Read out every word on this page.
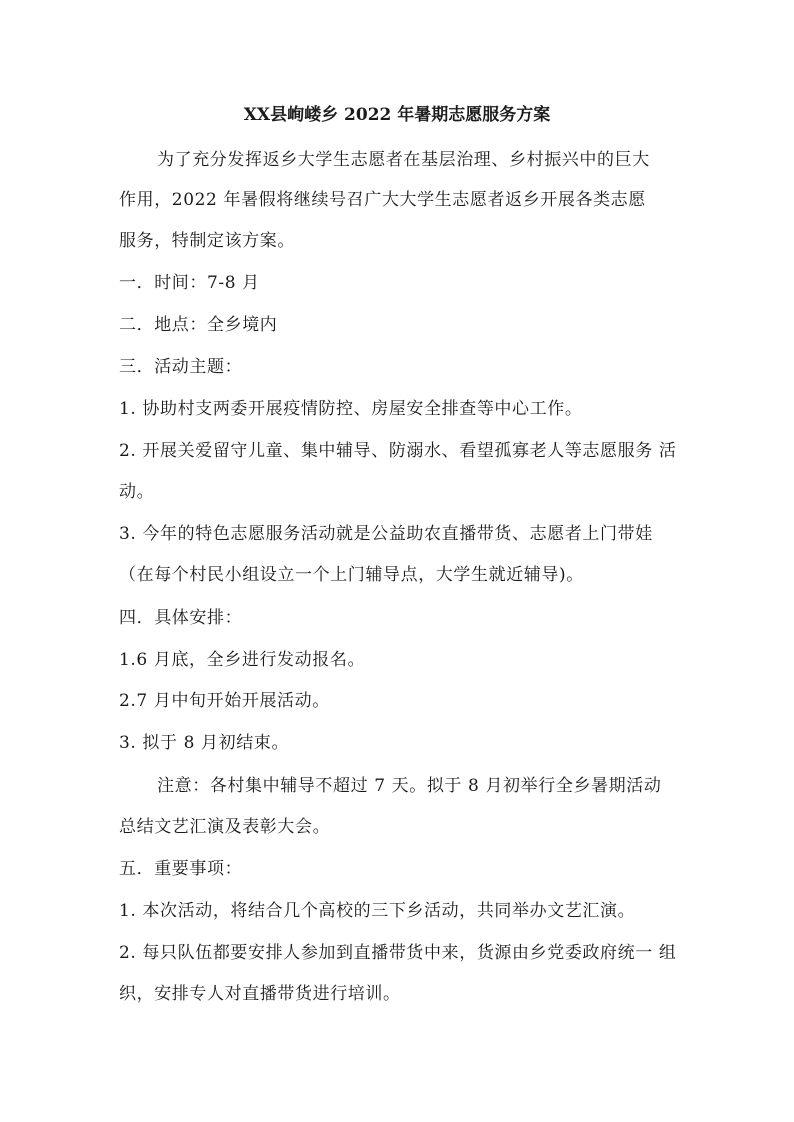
XX县峋嵝乡 2022 年暑期志愿服务方案
为了充分发挥返乡大学生志愿者在基层治理、乡村振兴中的巨大
作用，2022 年暑假将继续号召广大大学生志愿者返乡开展各类志愿
服务，特制定该方案。
一．时间：7-8 月
二．地点：全乡境内
三．活动主题：
1. 协助村支两委开展疫情防控、房屋安全排查等中心工作。
2. 开展关爱留守儿童、集中辅导、防溺水、看望孤寡老人等志愿服务 活
动。
3. 今年的特色志愿服务活动就是公益助农直播带货、志愿者上门带娃
（在每个村民小组设立一个上门辅导点，大学生就近辅导)。
四．具体安排：
1.6 月底，全乡进行发动报名。
2.7 月中旬开始开展活动。
3. 拟于 8 月初结束。
注意：各村集中辅导不超过 7 天。拟于 8 月初举行全乡暑期活动
总结文艺汇演及表彰大会。
五．重要事项：
1. 本次活动，将结合几个高校的三下乡活动，共同举办文艺汇演。
2. 每只队伍都要安排人参加到直播带货中来，货源由乡党委政府统一 组
织，安排专人对直播带货进行培训。
